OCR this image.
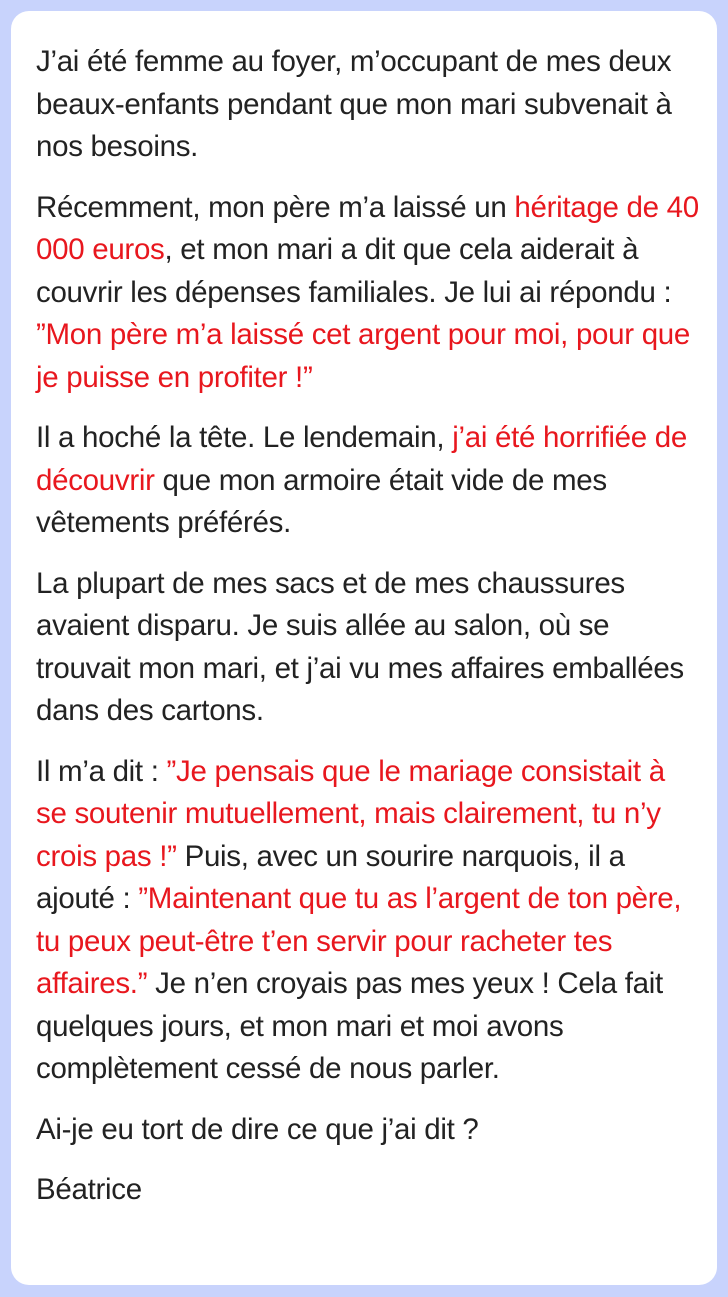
J’ai été femme au foyer, m’occupant de mes deux beaux-enfants pendant que mon mari subvenait à nos besoins.

Récemment, mon père m’a laissé un héritage de 40 000 euros, et mon mari a dit que cela aiderait à couvrir les dépenses familiales. Je lui ai répondu : ”Mon père m’a laissé cet argent pour moi, pour que je puisse en profiter !”

Il a hoché la tête. Le lendemain, j’ai été horrifiée de découvrir que mon armoire était vide de mes vêtements préférés.

La plupart de mes sacs et de mes chaussures avaient disparu. Je suis allée au salon, où se trouvait mon mari, et j’ai vu mes affaires emballées dans des cartons.

Il m’a dit : ”Je pensais que le mariage consistait à se soutenir mutuellement, mais clairement, tu n’y crois pas !” Puis, avec un sourire narquois, il a ajouté : ”Maintenant que tu as l’argent de ton père, tu peux peut-être t’en servir pour racheter tes affaires.” Je n’en croyais pas mes yeux ! Cela fait quelques jours, et mon mari et moi avons complètement cessé de nous parler.

Ai-je eu tort de dire ce que j’ai dit ?

Béatrice
